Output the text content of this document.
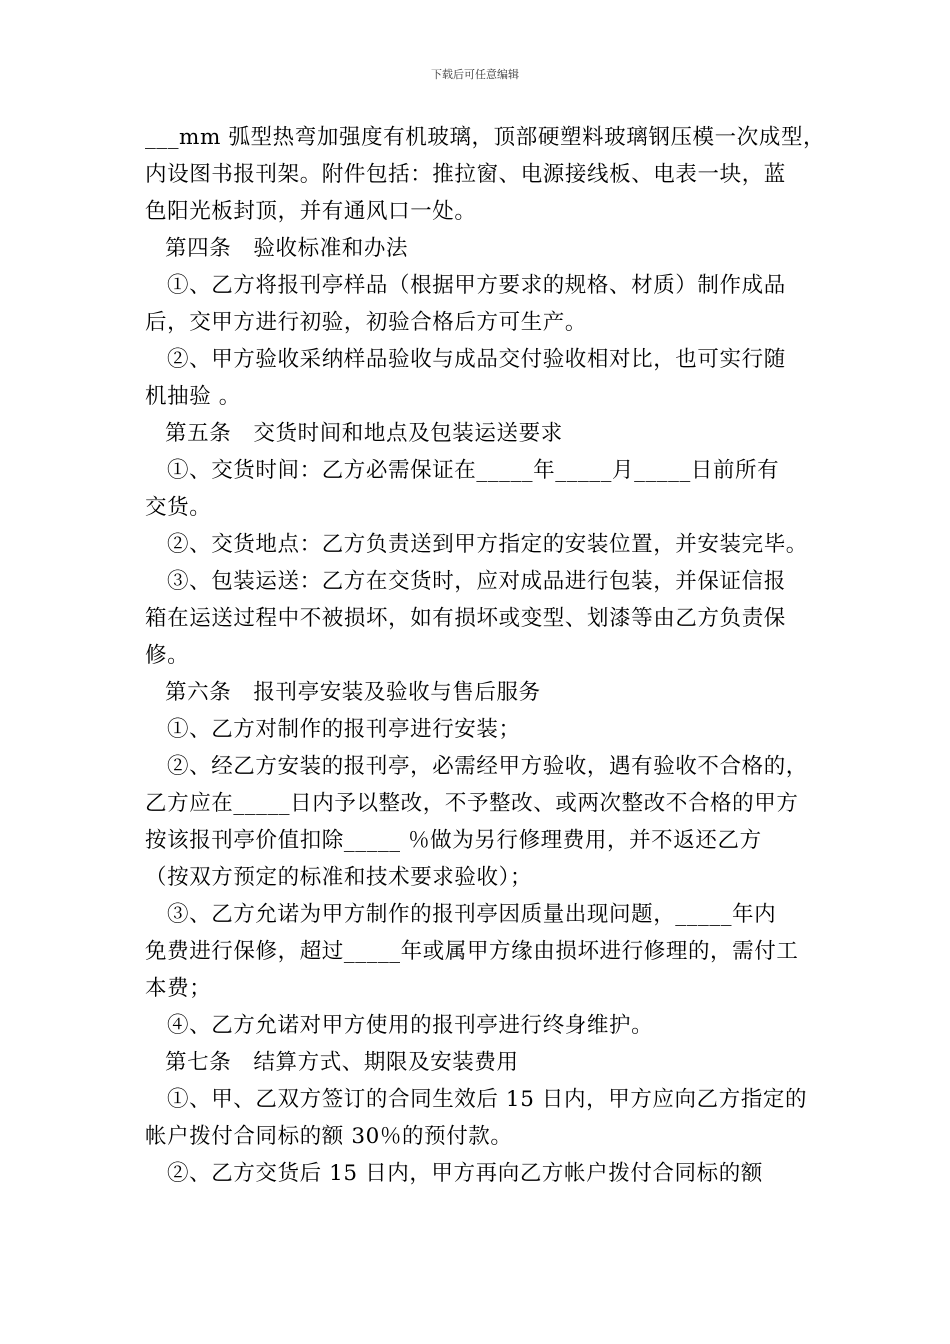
下载后可任意编辑
___mm 弧型热弯加强度有机玻璃，顶部硬塑料玻璃钢压模一次成型，
内设图书报刊架。附件包括：推拉窗、电源接线板、电表一块，蓝
色阳光板封顶，并有通风口一处。
第四条　验收标准和办法
①、乙方将报刊亭样品（根据甲方要求的规格、材质）制作成品
后，交甲方进行初验，初验合格后方可生产。
②、甲方验收采纳样品验收与成品交付验收相对比，也可实行随
机抽验 。
第五条　交货时间和地点及包装运送要求
①、交货时间：乙方必需保证在_____年_____月_____日前所有
交货。
②、交货地点：乙方负责送到甲方指定的安装位置，并安装完毕。
③、包装运送：乙方在交货时，应对成品进行包装，并保证信报
箱在运送过程中不被损坏，如有损坏或变型、划漆等由乙方负责保
修。
第六条　报刊亭安装及验收与售后服务
①、乙方对制作的报刊亭进行安装；
②、经乙方安装的报刊亭，必需经甲方验收，遇有验收不合格的，
乙方应在_____日内予以整改，不予整改、或两次整改不合格的甲方
按该报刊亭价值扣除_____ ％做为另行修理费用，并不返还乙方
（按双方预定的标准和技术要求验收）；
③、乙方允诺为甲方制作的报刊亭因质量出现问题，_____年内
免费进行保修，超过_____年或属甲方缘由损坏进行修理的，需付工
本费；
④、乙方允诺对甲方使用的报刊亭进行终身维护。
第七条　结算方式、期限及安装费用
①、甲、乙双方签订的合同生效后 15 日内，甲方应向乙方指定的
帐户拨付合同标的额 30％的预付款。
②、乙方交货后 15 日内，甲方再向乙方帐户拨付合同标的额
